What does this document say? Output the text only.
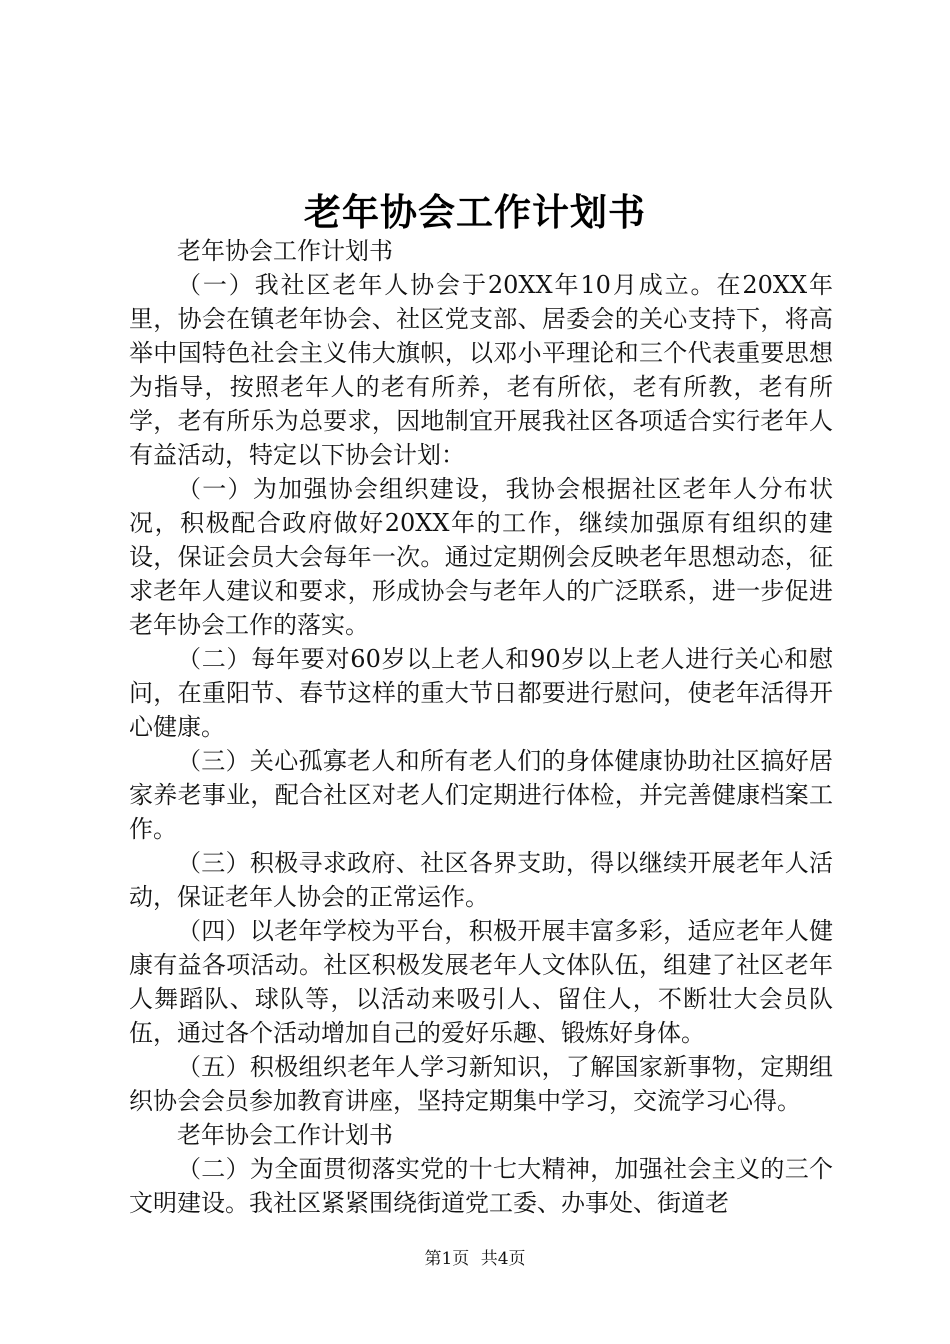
老年协会工作计划书

老年协会工作计划书

（一）我社区老年人协会于20XX年10月成立。在20XX年里，协会在镇老年协会、社区党支部、居委会的关心支持下，将高举中国特色社会主义伟大旗帜，以邓小平理论和三个代表重要思想为指导，按照老年人的老有所养，老有所依，老有所教，老有所学，老有所乐为总要求，因地制宜开展我社区各项适合实行老年人有益活动，特定以下协会计划：

（一）为加强协会组织建设，我协会根据社区老年人分布状况，积极配合政府做好20XX年的工作，继续加强原有组织的建设，保证会员大会每年一次。通过定期例会反映老年思想动态，征求老年人建议和要求，形成协会与老年人的广泛联系，进一步促进老年协会工作的落实。

（二）每年要对60岁以上老人和90岁以上老人进行关心和慰问，在重阳节、春节这样的重大节日都要进行慰问，使老年活得开心健康。

（三）关心孤寡老人和所有老人们的身体健康协助社区搞好居家养老事业，配合社区对老人们定期进行体检，并完善健康档案工作。

（三）积极寻求政府、社区各界支助，得以继续开展老年人活动，保证老年人协会的正常运作。

（四）以老年学校为平台，积极开展丰富多彩，适应老年人健康有益各项活动。社区积极发展老年人文体队伍，组建了社区老年人舞蹈队、球队等，以活动来吸引人、留住人，不断壮大会员队伍，通过各个活动增加自己的爱好乐趣、锻炼好身体。

（五）积极组织老年人学习新知识，了解国家新事物，定期组织协会会员参加教育讲座，坚持定期集中学习，交流学习心得。

老年协会工作计划书

（二）为全面贯彻落实党的十七大精神，加强社会主义的三个文明建设。我社区紧紧围绕街道党工委、办事处、街道老

第1页 共4页
